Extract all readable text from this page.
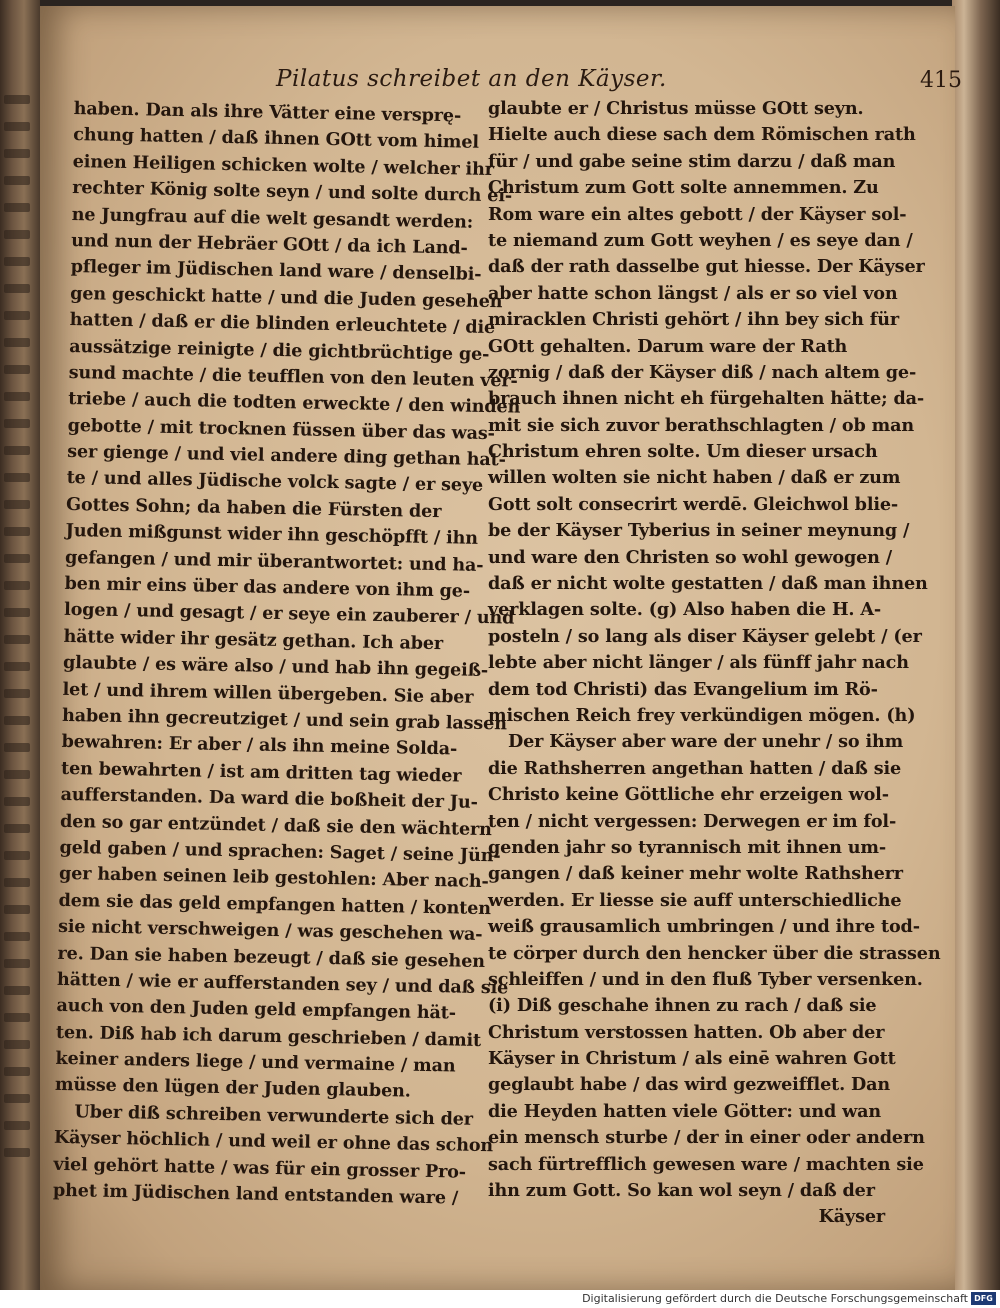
Pilatus schreibet an den Käyser.	415
haben. Dan als ihre Vätter eine versprę-
chung hatten / daß ihnen GOtt vom himel
einen Heiligen schicken wolte / welcher ihr
rechter König solte seyn / und solte durch ei-
ne Jungfrau auf die welt gesandt werden:
und nun der Hebräer GOtt / da ich Land-
pfleger im Jüdischen land ware / denselbi-
gen geschickt hatte / und die Juden gesehen
hatten / daß er die blinden erleuchtete / die
aussätzige reinigte / die gichtbrüchtige ge-
sund machte / die teufflen von den leuten ver-
triebe / auch die todten erweckte / den winden
gebotte / mit trocknen füssen über das was-
ser gienge / und viel andere ding gethan hat-
te / und alles Jüdische volck sagte / er seye
Gottes Sohn; da haben die Fürsten der
Juden mißgunst wider ihn geschöpfft / ihn
gefangen / und mir überantwortet: und ha-
ben mir eins über das andere von ihm ge-
logen / und gesagt / er seye ein zauberer / und
hätte wider ihr gesätz gethan. Ich aber
glaubte / es wäre also / und hab ihn gegeiß-
let / und ihrem willen übergeben. Sie aber
haben ihn gecreutziget / und sein grab lassen
bewahren: Er aber / als ihn meine Solda-
ten bewahrten / ist am dritten tag wieder
aufferstanden. Da ward die boßheit der Ju-
den so gar entzündet / daß sie den wächtern
geld gaben / und sprachen: Saget / seine Jün-
ger haben seinen leib gestohlen: Aber nach-
dem sie das geld empfangen hatten / konten
sie nicht verschweigen / was geschehen wa-
re. Dan sie haben bezeugt / daß sie gesehen
hätten / wie er aufferstanden sey / und daß sie
auch von den Juden geld empfangen hät-
ten. Diß hab ich darum geschrieben / damit
keiner anders liege / und vermaine / man
müsse den lügen der Juden glauben.
Uber diß schreiben verwunderte sich der
Käyser höchlich / und weil er ohne das schon
viel gehört hatte / was für ein grosser Pro-
phet im Jüdischen land entstanden ware /
glaubte er / Christus müsse GOtt seyn.
Hielte auch diese sach dem Römischen rath
für / und gabe seine stim darzu / daß man
Christum zum Gott solte annemmen. Zu
Rom ware ein altes gebott / der Käyser sol-
te niemand zum Gott weyhen / es seye dan /
daß der rath dasselbe gut hiesse. Der Käyser
aber hatte schon längst / als er so viel von
miracklen Christi gehört / ihn bey sich für
GOtt gehalten. Darum ware der Rath
zornig / daß der Käyser diß / nach altem ge-
brauch ihnen nicht eh fürgehalten hätte; da-
mit sie sich zuvor berathschlagten / ob man
Christum ehren solte. Um dieser ursach
willen wolten sie nicht haben / daß er zum
Gott solt consecrirt werdē. Gleichwol blie-
be der Käyser Tyberius in seiner meynung /
und ware den Christen so wohl gewogen /
daß er nicht wolte gestatten / daß man ihnen
verklagen solte. (g) Also haben die H. A-
posteln / so lang als diser Käyser gelebt / (er
lebte aber nicht länger / als fünff jahr nach
dem tod Christi) das Evangelium im Rö-
mischen Reich frey verkündigen mögen. (h)
Der Käyser aber ware der unehr / so ihm
die Rathsherren angethan hatten / daß sie
Christo keine Göttliche ehr erzeigen wol-
ten / nicht vergessen: Derwegen er im fol-
genden jahr so tyrannisch mit ihnen um-
gangen / daß keiner mehr wolte Rathsherr
werden. Er liesse sie auff unterschiedliche
weiß grausamlich umbringen / und ihre tod-
te cörper durch den hencker über die strassen
schleiffen / und in den fluß Tyber versenken.
(i) Diß geschahe ihnen zu rach / daß sie
Christum verstossen hatten. Ob aber der
Käyser in Christum / als einē wahren Gott
geglaubt habe / das wird gezweifflet. Dan
die Heyden hatten viele Götter: und wan
ein mensch sturbe / der in einer oder andern
sach fürtrefflich gewesen ware / machten sie
ihn zum Gott. So kan wol seyn / daß der
Käyser
Digitalisierung gefördert durch die Deutsche Forschungsgemeinschaft DFG
